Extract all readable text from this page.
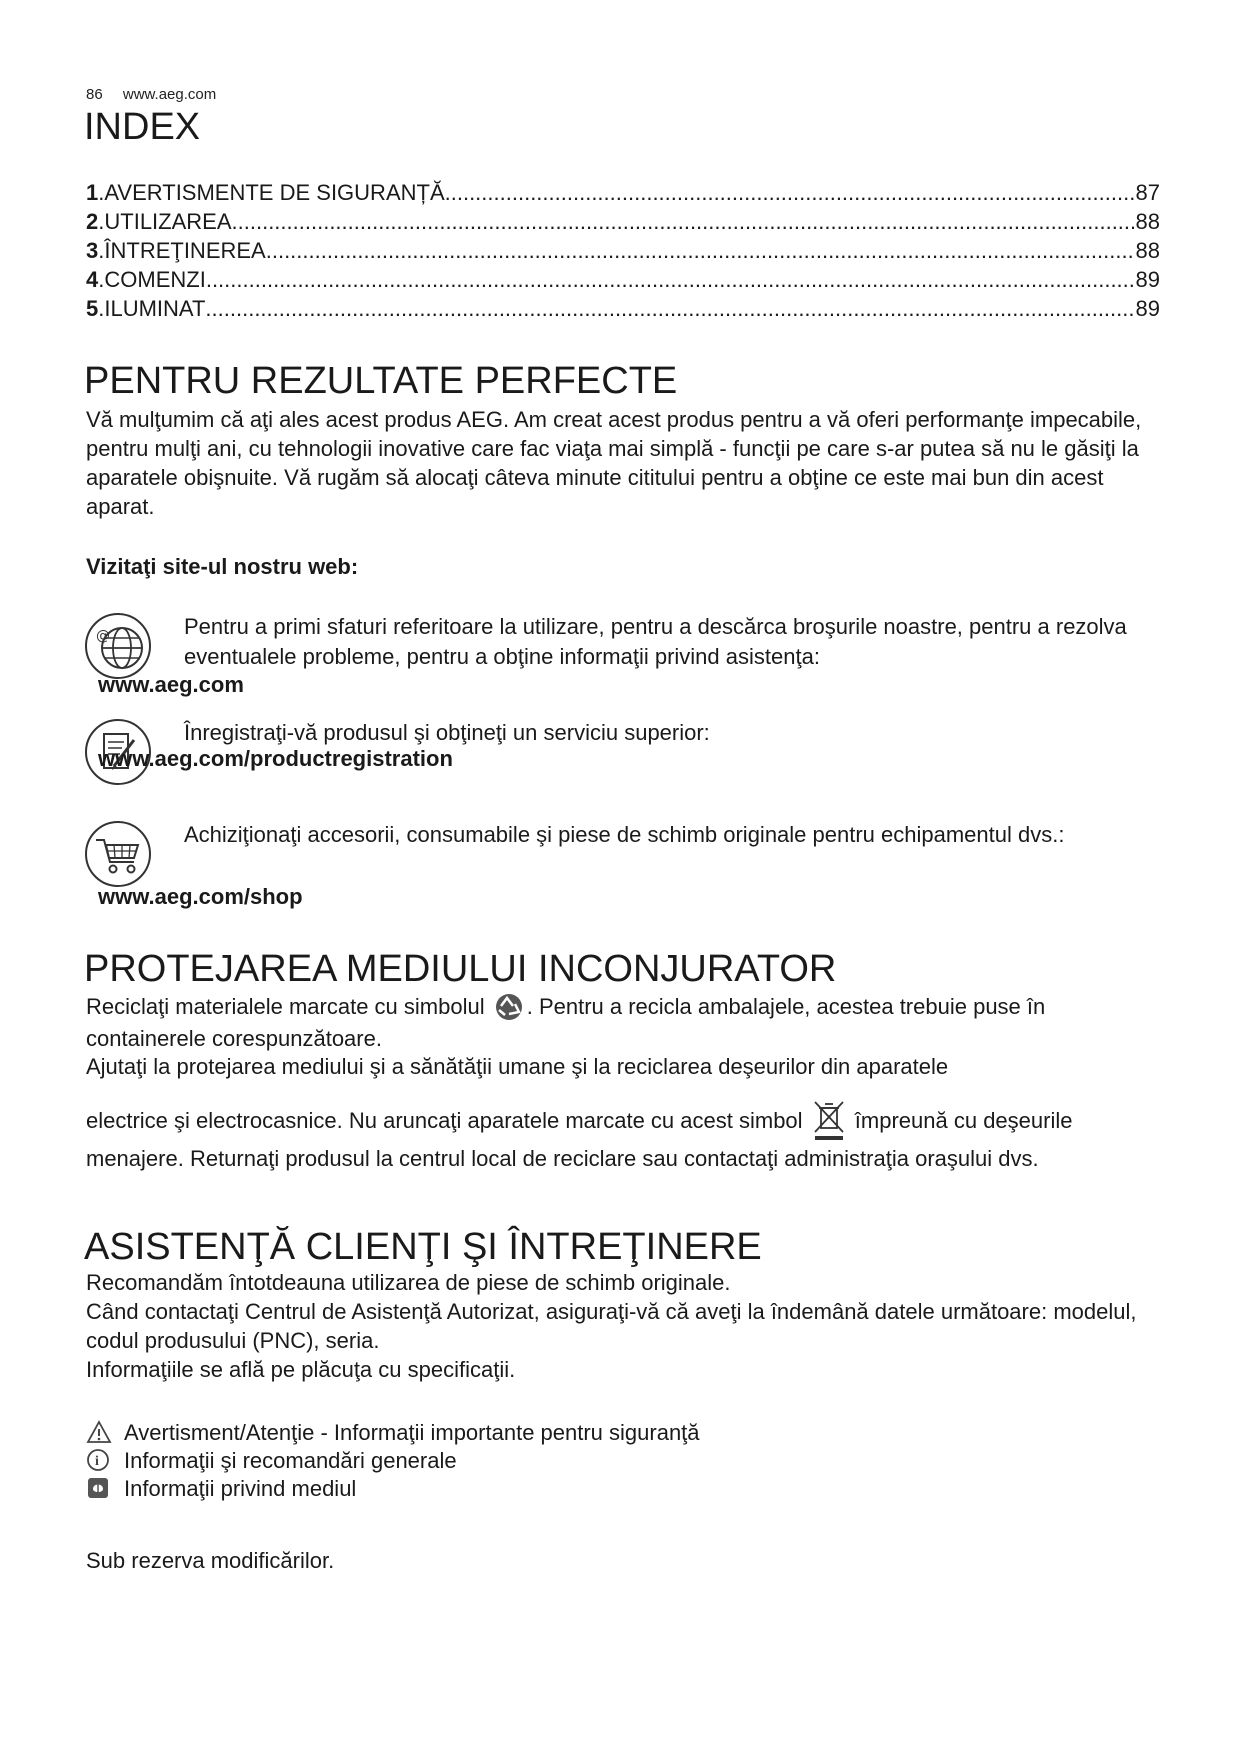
86 www.aeg.com
INDEX
1 . AVERTISMENTE DE SIGURANȚĂ .....	87
2 . UTILIZAREA .....	88
3 . ÎNTREŢINEREA .....	88
4 . COMENZI .....	89
5 . ILUMINAT .....	89
PENTRU REZULTATE PERFECTE

Vă mulţumim că aţi ales acest produs AEG. Am creat acest produs pentru a vă oferi performanţe impecabile, pentru mulţi ani, cu tehnologii inovative care fac viaţa mai simplă - funcţii pe care s-ar putea să nu le găsiţi la aparatele obişnuite. Vă rugăm să alocaţi câteva minute cititului pentru a obţine ce este mai bun din acest aparat.

Vizitaţi site-ul nostru web:
@	Pentru a primi sfaturi referitoare la utilizare, pentru a descărca broşurile noastre, pentru a rezolva eventualele probleme, pentru a obţine informaţii privind asistenţa:
www.aeg.com
Înregistraţi-vă produsul şi obţineţi un serviciu superior:
www.aeg.com/productregistration
Achiziţionaţi accesorii, consumabile şi piese de schimb originale pentru echipamentul dvs.:
www.aeg.com/shop
PROTEJAREA MEDIULUI INCONJURATOR
Reciclaţi materialele marcate cu simbolul . Pentru a recicla ambalajele, acestea trebuie puse în containerele corespunzătoare.
Ajutaţi la protejarea mediului şi a sănătăţii umane şi la reciclarea deşeurilor din aparatele
electrice şi electrocasnice. Nu aruncaţi aparatele marcate cu acest simbol împreună cu deşeurile menajere. Returnaţi produsul la centrul local de reciclare sau contactaţi administraţia oraşului dvs.
ASISTENŢĂ CLIENŢI ŞI ÎNTREŢINERE

Recomandăm întotdeauna utilizarea de piese de schimb originale.

Când contactaţi Centrul de Asistenţă Autorizat, asiguraţi-vă că aveţi la îndemână datele următoare: modelul, codul produsului (PNC), seria.

Informaţiile se află pe plăcuţa cu specificaţii.

Avertisment/Atenţie - Informaţii importante pentru siguranţă
i Informaţii şi recomandări generale
Informaţii privind mediul
Sub rezerva modificărilor.
